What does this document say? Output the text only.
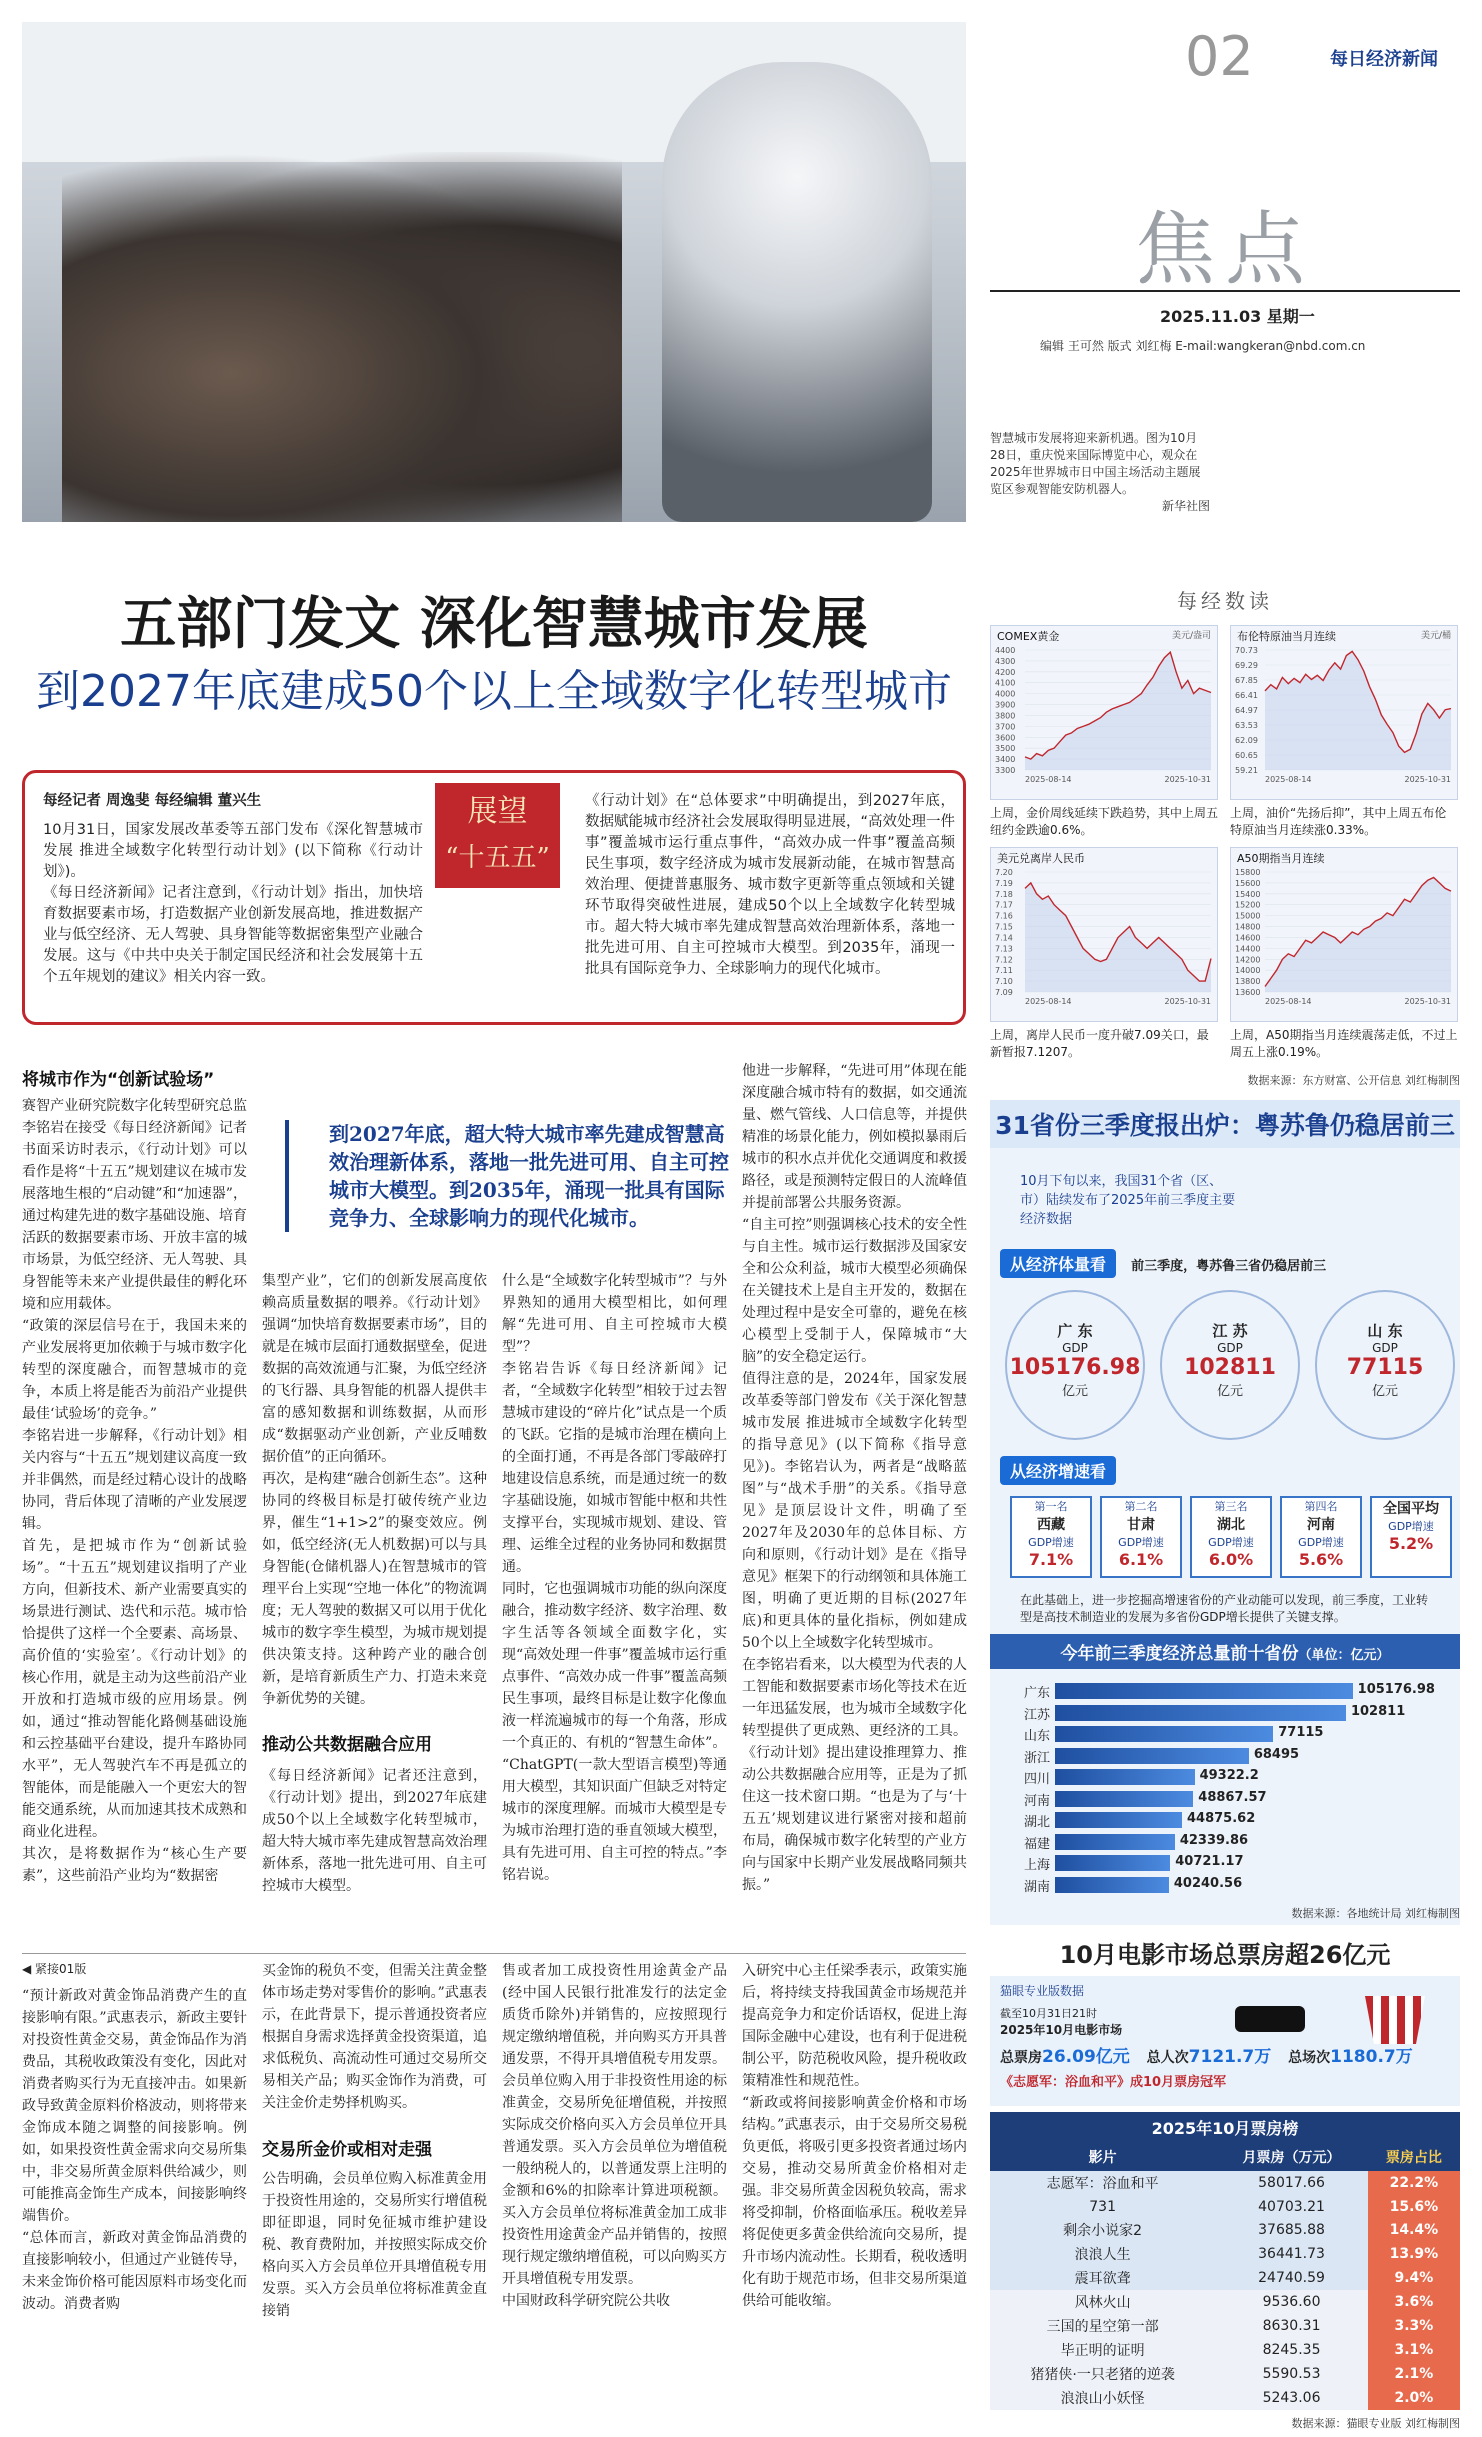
02	每日经济新闻
焦点
2025.11.03 星期一
编辑 王可然 版式 刘红梅 E-mail:wangkeran@nbd.com.cn
智慧城市发展将迎来新机遇。图为10月28日，重庆悦来国际博览中心，观众在2025年世界城市日中国主场活动主题展览区参观智能安防机器人。
新华社图
五部门发文 深化智慧城市发展
到2027年底建成50个以上全域数字化转型城市
每经记者 周逸斐 每经编辑 董兴生
10月31日，国家发展改革委等五部门发布《深化智慧城市发展 推进全域数字化转型行动计划》(以下简称《行动计划》)。
《每日经济新闻》记者注意到，《行动计划》指出，加快培育数据要素市场，打造数据产业创新发展高地，推进数据产业与低空经济、无人驾驶、具身智能等数据密集型产业融合发展。这与《中共中央关于制定国民经济和社会发展第十五个五年规划的建议》相关内容一致。
展望
“十五五”
《行动计划》在“总体要求”中明确提出，到2027年底，数据赋能城市经济社会发展取得明显进展，“高效处理一件事”覆盖城市运行重点事件，“高效办成一件事”覆盖高频民生事项，数字经济成为城市发展新动能，在城市智慧高效治理、便捷普惠服务、城市数字更新等重点领域和关键环节取得突破性进展，建成50个以上全域数字化转型城市。超大特大城市率先建成智慧高效治理新体系，落地一批先进可用、自主可控城市大模型。到2035年，涌现一批具有国际竞争力、全球影响力的现代化城市。
将城市作为“创新试验场”
赛智产业研究院数字化转型研究总监李铭岩在接受《每日经济新闻》记者书面采访时表示，《行动计划》可以看作是将“十五五”规划建议在城市发展落地生根的“启动键”和“加速器”，通过构建先进的数字基础设施、培育活跃的数据要素市场、开放丰富的城市场景，为低空经济、无人驾驶、具身智能等未来产业提供最佳的孵化环境和应用载体。
“政策的深层信号在于，我国未来的产业发展将更加依赖于与城市数字化转型的深度融合，而智慧城市的竞争，本质上将是能否为前沿产业提供最佳‘试验场’的竞争。”
李铭岩进一步解释，《行动计划》相关内容与“十五五”规划建议高度一致并非偶然，而是经过精心设计的战略协同，背后体现了清晰的产业发展逻辑。
首先，是把城市作为“创新试验场”。“十五五”规划建议指明了产业方向，但新技术、新产业需要真实的场景进行测试、迭代和示范。城市恰恰提供了这样一个全要素、高场景、高价值的‘实验室’。《行动计划》的核心作用，就是主动为这些前沿产业开放和打造城市级的应用场景。例如，通过“推动智能化路侧基础设施和云控基础平台建设，提升车路协同水平”，无人驾驶汽车不再是孤立的智能体，而是能融入一个更宏大的智能交通系统，从而加速其技术成熟和商业化进程。
其次，是将数据作为“核心生产要素”，这些前沿产业均为“数据密
到2027年底，超大特大城市率先建成智慧高效治理新体系，落地一批先进可用、自主可控城市大模型。到2035年，涌现一批具有国际竞争力、全球影响力的现代化城市。
集型产业”，它们的创新发展高度依赖高质量数据的喂养。《行动计划》强调“加快培育数据要素市场”，目的就是在城市层面打通数据壁垒，促进数据的高效流通与汇聚，为低空经济的飞行器、具身智能的机器人提供丰富的感知数据和训练数据，从而形成“数据驱动产业创新，产业反哺数据价值”的正向循环。
再次，是构建“融合创新生态”。这种协同的终极目标是打破传统产业边界，催生“1+1>2”的聚变效应。例如，低空经济(无人机数据)可以与具身智能(仓储机器人)在智慧城市的管理平台上实现“空地一体化”的物流调度；无人驾驶的数据又可以用于优化城市的数字孪生模型，为城市规划提供决策支持。这种跨产业的融合创新，是培育新质生产力、打造未来竞争新优势的关键。
推动公共数据融合应用
《每日经济新闻》记者还注意到，《行动计划》提出，到2027年底建成50个以上全域数字化转型城市，超大特大城市率先建成智慧高效治理新体系，落地一批先进可用、自主可控城市大模型。
什么是“全域数字化转型城市”？与外界熟知的通用大模型相比，如何理解“先进可用、自主可控城市大模型”？
李铭岩告诉《每日经济新闻》记者，“全域数字化转型”相较于过去智慧城市建设的“碎片化”试点是一个质的飞跃。它指的是城市治理在横向上的全面打通，不再是各部门零敲碎打地建设信息系统，而是通过统一的数字基础设施，如城市智能中枢和共性支撑平台，实现城市规划、建设、管理、运维全过程的业务协同和数据贯通。
同时，它也强调城市功能的纵向深度融合，推动数字经济、数字治理、数字生活等各领域全面数字化，实现“高效处理一件事”覆盖城市运行重点事件、“高效办成一件事”覆盖高频民生事项，最终目标是让数字化像血液一样流遍城市的每一个角落，形成一个真正的、有机的“智慧生命体”。
“ChatGPT(一款大型语言模型)等通用大模型，其知识面广但缺乏对特定城市的深度理解。而城市大模型是专为城市治理打造的垂直领域大模型，具有先进可用、自主可控的特点。”李铭岩说。
他进一步解释，“先进可用”体现在能深度融合城市特有的数据，如交通流量、燃气管线、人口信息等，并提供精准的场景化能力，例如模拟暴雨后城市的积水点并优化交通调度和救援路径，或是预测特定假日的人流峰值并提前部署公共服务资源。
“自主可控”则强调核心技术的安全性与自主性。城市运行数据涉及国家安全和公众利益，城市大模型必须确保在关键技术上是自主开发的，数据在处理过程中是安全可靠的，避免在核心模型上受制于人，保障城市“大脑”的安全稳定运行。
值得注意的是，2024年，国家发展改革委等部门曾发布《关于深化智慧城市发展 推进城市全域数字化转型的指导意见》(以下简称《指导意见》)。李铭岩认为，两者是“战略蓝图”与“战术手册”的关系。《指导意见》是顶层设计文件，明确了至2027年及2030年的总体目标、方向和原则，《行动计划》是在《指导意见》框架下的行动纲领和具体施工图，明确了更近期的目标(2027年底)和更具体的量化指标，例如建成50个以上全域数字化转型城市。
在李铭岩看来，以大模型为代表的人工智能和数据要素市场化等技术在近一年迅猛发展，也为城市全域数字化转型提供了更成熟、更经济的工具。《行动计划》提出建设推理算力、推动公共数据融合应用等，正是为了抓住这一技术窗口期。“也是为了与‘十五五’规划建议进行紧密对接和超前布局，确保城市数字化转型的产业方向与国家中长期产业发展战略同频共振。”
◀ 紧接01版
“预计新政对黄金饰品消费产生的直接影响有限。”武惠表示，新政主要针对投资性黄金交易，黄金饰品作为消费品，其税收政策没有变化，因此对消费者购买行为无直接冲击。如果新政导致黄金原料价格波动，则将带来金饰成本随之调整的间接影响。例如，如果投资性黄金需求向交易所集中，非交易所黄金原料供给减少，则可能推高金饰生产成本，间接影响终端售价。
“总体而言，新政对黄金饰品消费的直接影响较小，但通过产业链传导，未来金饰价格可能因原料市场变化而波动。消费者购
买金饰的税负不变，但需关注黄金整体市场走势对零售价的影响。”武惠表示，在此背景下，提示普通投资者应根据自身需求选择黄金投资渠道，追求低税负、高流动性可通过交易所交易相关产品；购买金饰作为消费，可关注金价走势择机购买。
交易所金价或相对走强
公告明确，会员单位购入标准黄金用于投资性用途的，交易所实行增值税即征即退，同时免征城市维护建设税、教育费附加，并按照实际成交价格向买入方会员单位开具增值税专用发票。买入方会员单位将标准黄金直接销
售或者加工成投资性用途黄金产品(经中国人民银行批准发行的法定金质货币除外)并销售的，应按照现行规定缴纳增值税，并向购买方开具普通发票，不得开具增值税专用发票。
会员单位购入用于非投资性用途的标准黄金，交易所免征增值税，并按照实际成交价格向买入方会员单位开具普通发票。买入方会员单位为增值税一般纳税人的，以普通发票上注明的金额和6%的扣除率计算进项税额。买入方会员单位将标准黄金加工成非投资性用途黄金产品并销售的，按照现行规定缴纳增值税，可以向购买方开具增值税专用发票。
中国财政科学研究院公共收
入研究中心主任梁季表示，政策实施后，将持续支持我国黄金市场规范并提高竞争力和定价话语权，促进上海国际金融中心建设，也有利于促进税制公平，防范税收风险，提升税收政策精准性和规范性。
“新政或将间接影响黄金价格和市场结构。”武惠表示，由于交易所交易税负更低，将吸引更多投资者通过场内交易，推动交易所黄金价格相对走强。非交易所黄金因税负较高，需求将受抑制，价格面临承压。税收差异将促使更多黄金供给流向交易所，提升市场内流动性。长期看，税收透明化有助于规范市场，但非交易所渠道供给可能收缩。
每经数读
COMEX黄金	美元/盎司
4400
4300
4200
4100
4000
3900
3800
3700
3600
3500
3400
3300
2025-08-14	2025-10-31
上周，金价周线延续下跌趋势，其中上周五纽约金跌逾0.6%。
布伦特原油当月连续	美元/桶
70.73
69.29
67.85
66.41
64.97
63.53
62.09
60.65
59.21
2025-08-14	2025-10-31
上周，油价“先扬后抑”，其中上周五布伦特原油当月连续涨0.33%。
美元兑离岸人民币
7.20
7.19
7.18
7.17
7.16
7.15
7.14
7.13
7.12
7.11
7.10
7.09
2025-08-14	2025-10-31
上周，离岸人民币一度升破7.09关口，最新暂报7.1207。
A50期指当月连续
15800
15600
15400
15200
15000
14800
14600
14400
14200
14000
13800
13600
2025-08-14	2025-10-31
上周，A50期指当月连续震荡走低，不过上周五上涨0.19%。
数据来源：东方财富、公开信息 刘红梅制图
31省份三季度报出炉：粤苏鲁仍稳居前三
10月下旬以来，我国31个省（区、市）陆续发布了2025年前三季度主要经济数据
从经济体量看 前三季度，粤苏鲁三省仍稳居前三
广 东
GDP
105176.98
亿元
江 苏
GDP
102811
亿元
山 东
GDP
77115
亿元
从经济增速看
第一名
西藏
GDP增速
7.1%
第二名
甘肃
GDP增速
6.1%
第三名
湖北
GDP增速
6.0%
第四名
河南
GDP增速
5.6%
全国平均
GDP增速
5.2%
在此基础上，进一步挖掘高增速省份的产业动能可以发现，前三季度，工业转型是高技术制造业的发展为多省份GDP增长提供了关键支撑。
今年前三季度经济总量前十省份（单位：亿元）
广东	105176.98
江苏	102811
山东	77115
浙江	68495
四川	49322.2
河南	48867.57
湖北	44875.62
福建	42339.86
上海	40721.17
湖南	40240.56
数据来源：各地统计局 刘红梅制图
10月电影市场总票房超26亿元
猫眼专业版数据
截至10月31日21时
2025年10月电影市场
总票房26.09亿元 总人次7121.7万 总场次1180.7万
《志愿军：浴血和平》成10月票房冠军
2025年10月票房榜
影片	月票房（万元）	票房占比
志愿军：浴血和平	58017.66	22.2%
731	40703.21	15.6%
剩余小说家2	37685.88	14.4%
浪浪人生	36441.73	13.9%
震耳欲聋	24740.59	9.4%
风林火山	9536.60	3.6%
三国的星空第一部	8630.31	3.3%
毕正明的证明	8245.35	3.1%
猪猪侠·一只老猪的逆袭	5590.53	2.1%
浪浪山小妖怪	5243.06	2.0%
数据来源：猫眼专业版 刘红梅制图
